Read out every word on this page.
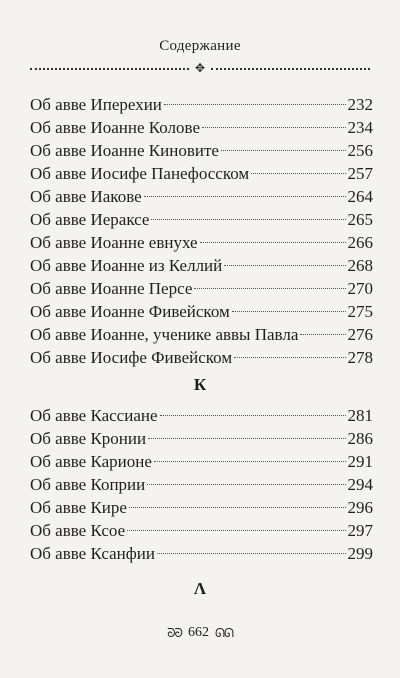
Содержание
✥
Об авве Иперехии	232
Об авве Иоанне Колове	234
Об авве Иоанне Киновите	256
Об авве Иосифе Панефосском	257
Об авве Иакове	264
Об авве Иераксе	265
Об авве Иоанне евнухе	266
Об авве Иоанне из Келлий	268
Об авве Иоанне Персе	270
Об авве Иоанне Фивейском	275
Об авве Иоанне, ученике аввы Павла	276
Об авве Иосифе Фивейском	278
К
Об авве Кассиане	281
Об авве Кронии	286
Об авве Карионе	291
Об авве Коприи	294
Об авве Кире	296
Об авве Ксое	297
Об авве Ксанфии	299
Λ
ᘐᘐ 662 ᘏᘏ
